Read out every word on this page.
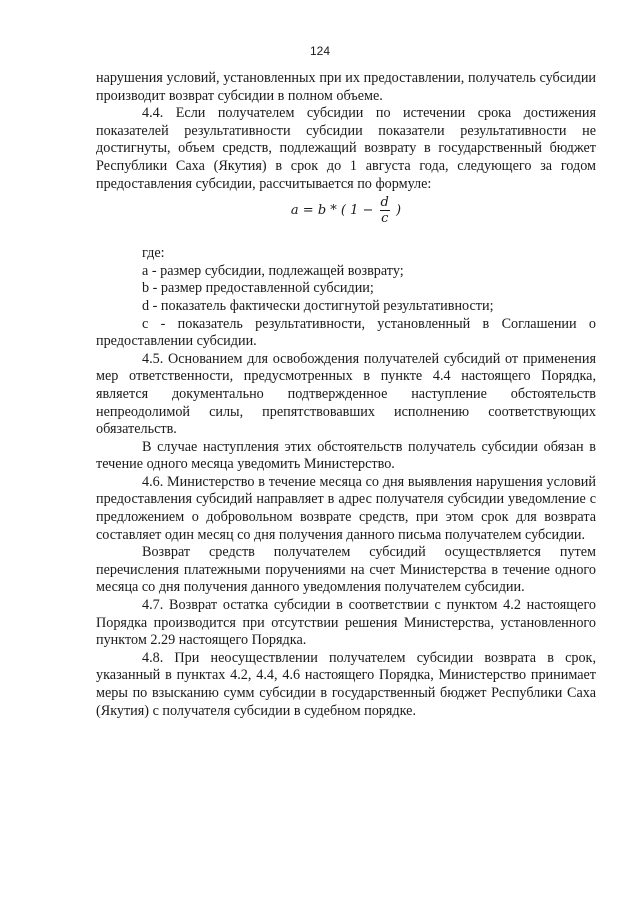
124

нарушения условий, установленных при их предоставлении, получатель субсидии производит возврат субсидии в полном объеме.

4.4. Если получателем субсидии по истечении срока достижения показателей результативности субсидии показатели результативности не достигнуты, объем средств, подлежащий возврату в государственный бюджет Республики Саха (Якутия) в срок до 1 августа года, следующего за годом предоставления субсидии, рассчитывается по формуле:

a = b * ( $1 - \frac{d}{c}$ )

где:

a - размер субсидии, подлежащей возврату;

b - размер предоставленной субсидии;

d - показатель фактически достигнутой результативности;

c - показатель результативности, установленный в Соглашении о предоставлении субсидии.

4.5. Основанием для освобождения получателей субсидий от применения мер ответственности, предусмотренных в пункте 4.4 настоящего Порядка, является документально подтвержденное наступление обстоятельств непреодолимой силы, препятствовавших исполнению соответствующих обязательств.

В случае наступления этих обстоятельств получатель субсидии обязан в течение одного месяца уведомить Министерство.

4.6. Министерство в течение месяца со дня выявления нарушения условий предоставления субсидий направляет в адрес получателя субсидии уведомление с предложением о добровольном возврате средств, при этом срок для возврата составляет один месяц со дня получения данного письма получателем субсидии.

Возврат средств получателем субсидий осуществляется путем перечисления платежными поручениями на счет Министерства в течение одного месяца со дня получения данного уведомления получателем субсидии.

4.7. Возврат остатка субсидии в соответствии с пунктом 4.2 настоящего Порядка производится при отсутствии решения Министерства, установленного пунктом 2.29 настоящего Порядка.

4.8. При неосуществлении получателем субсидии возврата в срок, указанный в пунктах 4.2, 4.4, 4.6 настоящего Порядка, Министерство принимает меры по взысканию сумм субсидии в государственный бюджет Республики Саха (Якутия) с получателя субсидии в судебном порядке.
